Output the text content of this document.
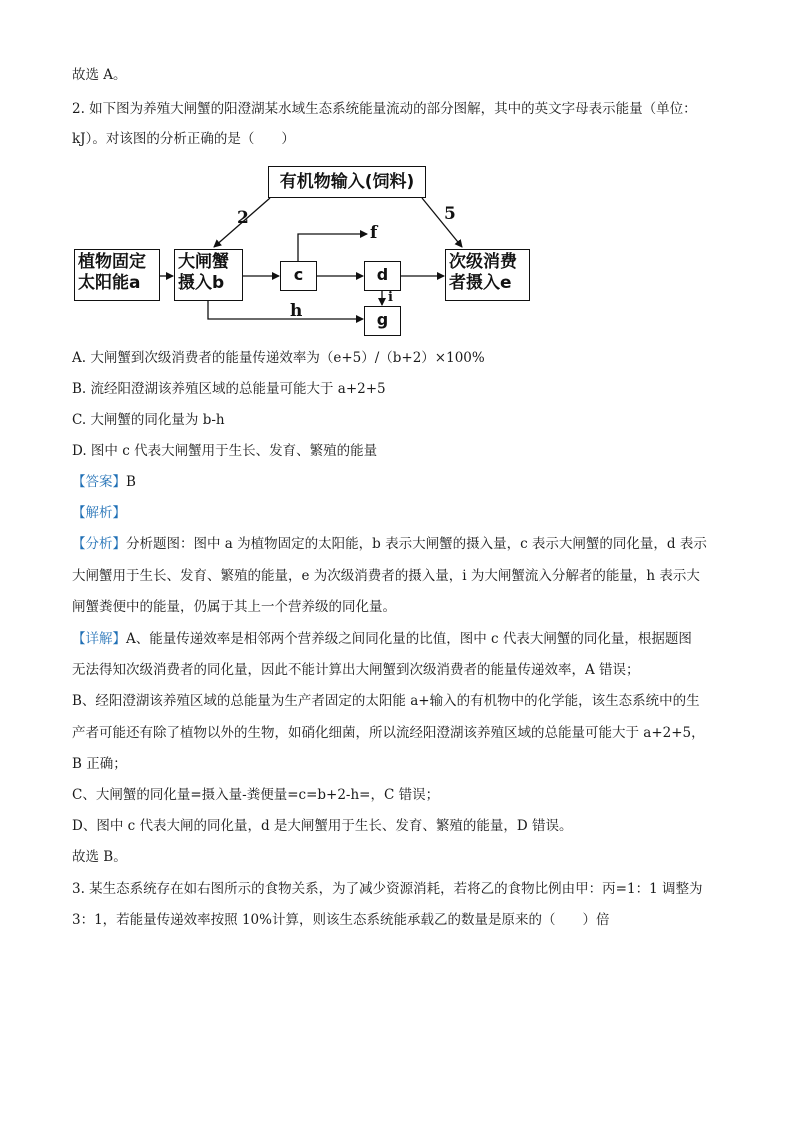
故选 A。
2. 如下图为养殖大闸蟹的阳澄湖某水域生态系统能量流动的部分图解，其中的英文字母表示能量（单位：
kJ）。对该图的分析正确的是（　　）
有机物输入(饲料)
植物固定
太阳能a
大闸蟹
摄入b	c	d
g
次级消费
者摄入e
2	5
f
h
i
A. 大闸蟹到次级消费者的能量传递效率为（e+5）/（b+2）×100%
B. 流经阳澄湖该养殖区域的总能量可能大于 a+2+5
C. 大闸蟹的同化量为 b-h
D. 图中 c 代表大闸蟹用于生长、发育、繁殖的能量
【答案】B
【解析】
【分析】分析题图：图中 a 为植物固定的太阳能，b 表示大闸蟹的摄入量，c 表示大闸蟹的同化量，d 表示
大闸蟹用于生长、发育、繁殖的能量，e 为次级消费者的摄入量，i 为大闸蟹流入分解者的能量，h 表示大
闸蟹粪便中的能量，仍属于其上一个营养级的同化量。
【详解】A、能量传递效率是相邻两个营养级之间同化量的比值，图中 c 代表大闸蟹的同化量，根据题图
无法得知次级消费者的同化量，因此不能计算出大闸蟹到次级消费者的能量传递效率，A 错误；
B、经阳澄湖该养殖区域的总能量为生产者固定的太阳能 a+输入的有机物中的化学能，该生态系统中的生
产者可能还有除了植物以外的生物，如硝化细菌，所以流经阳澄湖该养殖区域的总能量可能大于 a+2+5，
B 正确；
C、大闸蟹的同化量=摄入量-粪便量=c=b+2-h=，C 错误；
D、图中 c 代表大闸的同化量，d 是大闸蟹用于生长、发育、繁殖的能量，D 错误。
故选 B。
3. 某生态系统存在如右图所示的食物关系，为了减少资源消耗，若将乙的食物比例由甲：丙=1：1 调整为
3：1，若能量传递效率按照 10%计算，则该生态系统能承载乙的数量是原来的（　　）倍
